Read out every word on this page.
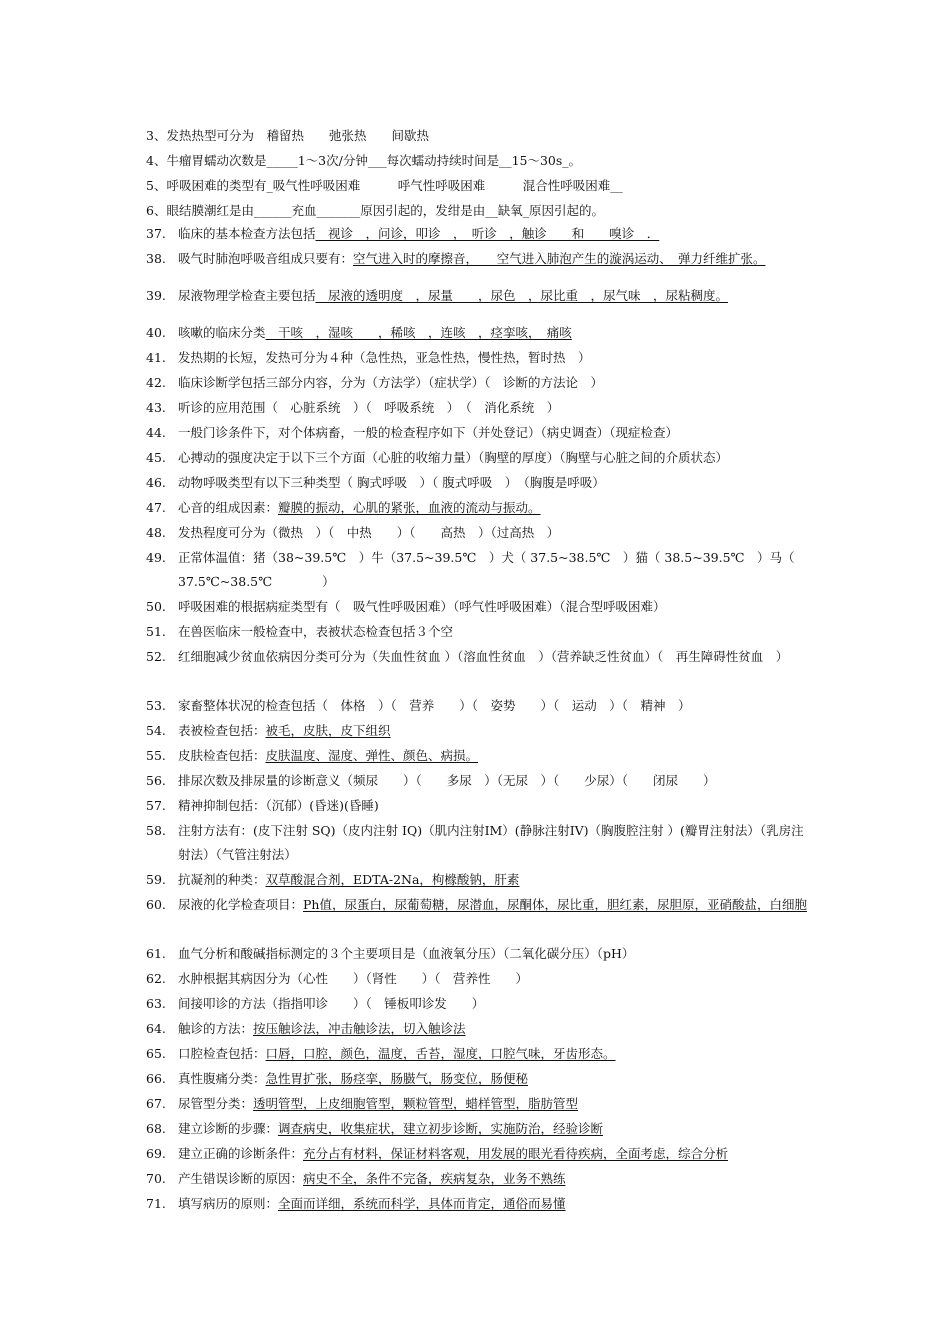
3、发热热型可分为　稽留热　　弛张热　　间歇热
4、牛瘤胃蠕动次数是_____1～3次/分钟___每次蠕动持续时间是__15～30s_。
5、呼吸困难的类型有_吸气性呼吸困难　　　呼气性呼吸困难　　　混合性呼吸困难__
6、眼结膜潮红是由______充血_______原因引起的，发绀是由__缺氧_原因引起的。
37. 临床的基本检查方法包括　视诊　，问诊，叩诊　，　听诊　，触诊　　和　　嗅诊　．
38. 吸气时肺泡呼吸音组成只要有：空气进入时的摩擦音，　　空气进入肺泡产生的漩涡运动、　弹力纤维扩张。
39. 尿液物理学检查主要包括　尿液的透明度　，尿量　　，尿色　，尿比重　，尿气味　，尿粘稠度。
40. 咳嗽的临床分类　干咳　，湿咳　　，稀咳　，连咳　，痉挛咳，　痛咳
41. 发热期的长短，发热可分为４种（急性热，亚急性热，慢性热，暂时热　）
42. 临床诊断学包括三部分内容，分为（方法学）（症状学）（　诊断的方法论　）
43. 听诊的应用范围（　心脏系统　）（　呼吸系统　）　（　消化系统　）
44. 一般门诊条件下，对个体病畜，一般的检查程序如下（并处登记）（病史调查）（现症检查）
45. 心搏动的强度决定于以下三个方面（心脏的收缩力量）（胸壁的厚度）（胸壁与心脏之间的介质状态）
46. 动物呼吸类型有以下三种类型（ 胸式呼吸　）（ 腹式呼吸　）　（胸腹是呼吸）
47. 心音的组成因素：瓣膜的振动，心肌的紧张，血液的流动与振动。
48. 发热程度可分为（微热　）（　中热　　）（　　高热　）（过高热　）
49. 正常体温值：猪（38~39.5℃　）牛（37.5~39.5℃　）犬（ 37.5~38.5℃　）猫（ 38.5~39.5℃　）马（ 37.5℃~38.5℃　　　　）
50. 呼吸困难的根据病症类型有（　吸气性呼吸困难）（呼气性呼吸困难）（混合型呼吸困难）
51. 在兽医临床一般检查中，表被状态检查包括３个空
52. 红细胞减少贫血依病因分类可分为（失血性贫血 ）（溶血性贫血　）（营养缺乏性贫血）（　再生障碍性贫血　）
53. 家畜整体状况的检查包括（　体格　）（　营养　　）（　姿势　　）（　运动　）（　精神　）
54. 表被检查包括：被毛，皮肤，皮下组织
55. 皮肤检查包括：皮肤温度、湿度、弹性、颜色、病损。
56. 排尿次数及排尿量的诊断意义（频尿　　）（　　多尿　）（无尿　）（　　少尿）（　　闭尿　　）
57. 精神抑制包括：（沉郁）(昏迷)(昏睡)
58. 注射方法有：(皮下注射 SQ)（皮内注射 IQ)（肌内注射IM）(静脉注射IV)（胸腹腔注射 ）(瓣胃注射法）（乳房注射法）（气管注射法）
59. 抗凝剂的种类：双草酸混合剂，EDTA-2Na，枸橼酸钠，肝素
60. 尿液的化学检查项目：Ph值，尿蛋白，尿葡萄糖，尿潜血，尿酮体，尿比重，胆红素，尿胆原，亚硝酸盐，白细胞
61. 血气分析和酸碱指标测定的３个主要项目是（血液氧分压）（二氧化碳分压）（pH）
62. 水肿根据其病因分为（心性　　）（肾性　　）（　营养性　　）
63. 间接叩诊的方法（指指叩诊　　）（　锤板叩诊发　　）
64. 触诊的方法：按压触诊法，冲击触诊法，切入触诊法
65. 口腔检查包括：口唇，口腔，颜色，温度，舌苔，湿度，口腔气味，牙齿形态。
66. 真性腹痛分类：急性胃扩张，肠痉挛，肠臌气，肠变位，肠便秘
67. 尿管型分类：透明管型，上皮细胞管型，颗粒管型，蜡样管型，脂肪管型
68. 建立诊断的步骤：调查病史，收集症状，建立初步诊断，实施防治，经验诊断
69. 建立正确的诊断条件：充分占有材料，保证材料客观，用发展的眼光看待疾病，全面考虑，综合分析
70. 产生错误诊断的原因：病史不全，条件不完备，疾病复杂，业务不熟练
71. 填写病历的原则：全面而详细，系统而科学，具体而肯定，通俗而易懂
